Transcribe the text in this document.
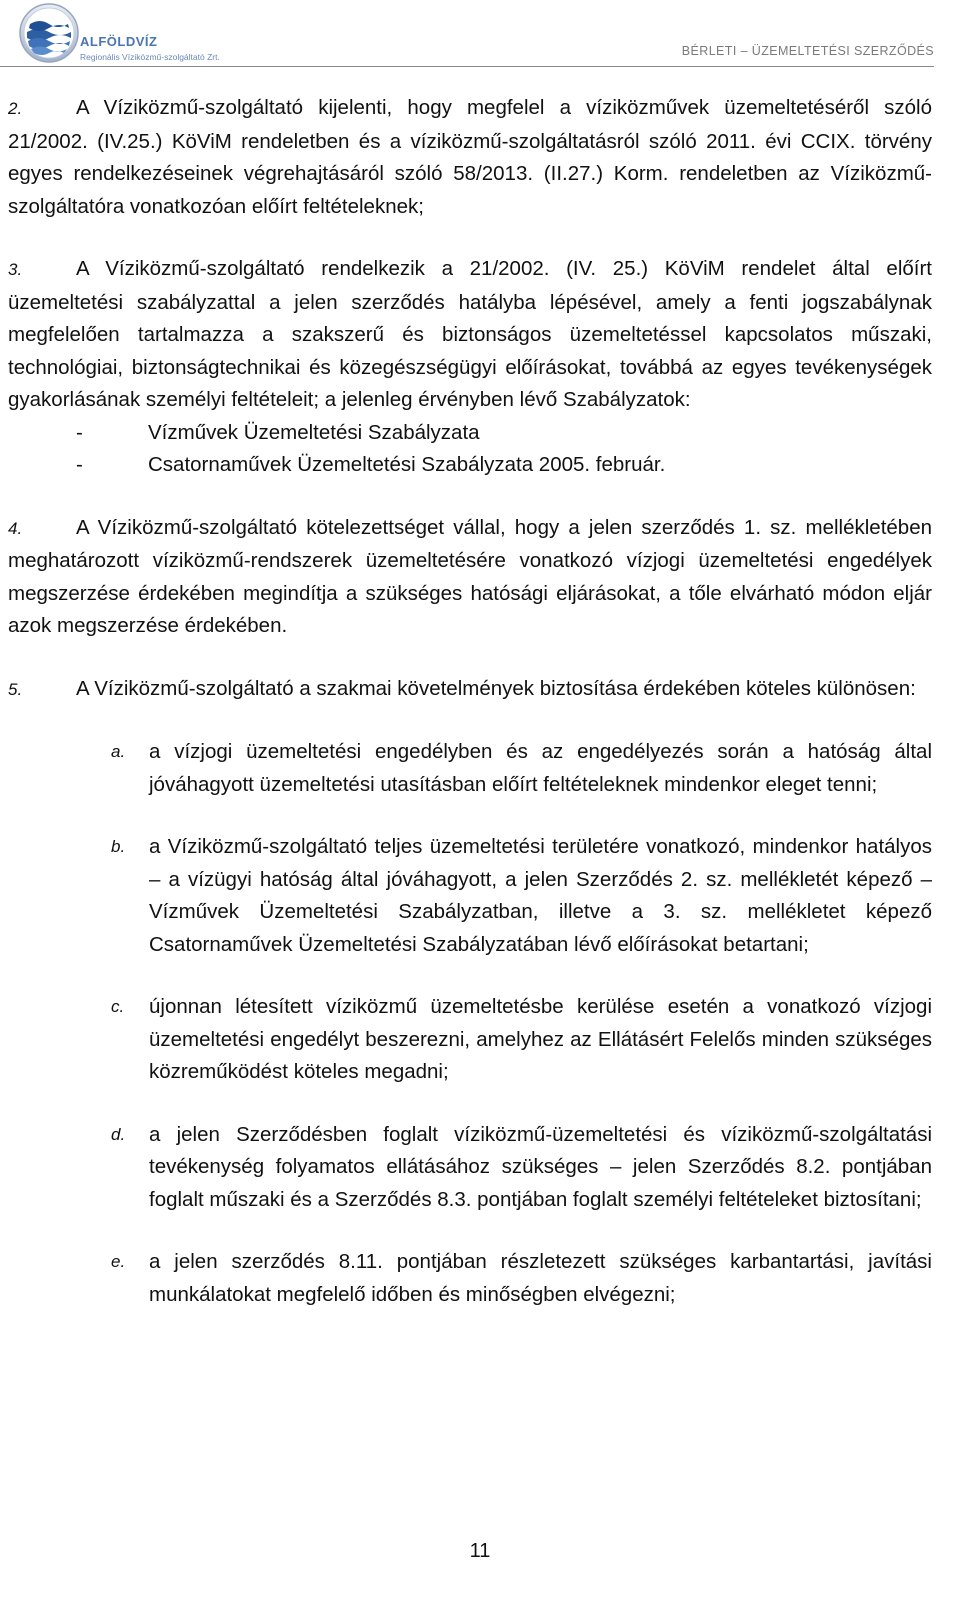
ALFÖLDVÍZ
Regionális Víziközmű-szolgáltató Zrt.	BÉRLETI – ÜZEMELTETÉSI SZERZŐDÉS

2.	A Víziközmű-szolgáltató kijelenti, hogy megfelel a víziközművek üzemeltetéséről szóló 21/2002. (IV.25.) KöViM rendeletben és a víziközmű-szolgáltatásról szóló 2011. évi CCIX. törvény egyes rendelkezéseinek végrehajtásáról szóló 58/2013. (II.27.) Korm. rendeletben az Víziközmű-szolgáltatóra vonatkozóan előírt feltételeknek;

3.	A Víziközmű-szolgáltató rendelkezik a 21/2002. (IV. 25.) KöViM rendelet által előírt üzemeltetési szabályzattal a jelen szerződés hatályba lépésével, amely a fenti jogszabálynak megfelelően tartalmazza a szakszerű és biztonságos üzemeltetéssel kapcsolatos műszaki, technológiai, biztonságtechnikai és közegészségügyi előírásokat, továbbá az egyes tevékenységek gyakorlásának személyi feltételeit; a jelenleg érvényben lévő Szabályzatok:

-	Vízművek Üzemeltetési Szabályzata
-	Csatornaművek Üzemeltetési Szabályzata 2005. február.

4.	A Víziközmű-szolgáltató kötelezettséget vállal, hogy a jelen szerződés 1. sz. mellékletében meghatározott víziközmű-rendszerek üzemeltetésére vonatkozó vízjogi üzemeltetési engedélyek megszerzése érdekében megindítja a szükséges hatósági eljárásokat, a tőle elvárható módon eljár azok megszerzése érdekében.

5.	A Víziközmű-szolgáltató a szakmai követelmények biztosítása érdekében köteles különösen:

a.	a vízjogi üzemeltetési engedélyben és az engedélyezés során a hatóság által jóváhagyott üzemeltetési utasításban előírt feltételeknek mindenkor eleget tenni;
b.	a Víziközmű-szolgáltató teljes üzemeltetési területére vonatkozó, mindenkor hatályos – a vízügyi hatóság által jóváhagyott, a jelen Szerződés 2. sz. mellékletét képező – Vízművek Üzemeltetési Szabályzatban, illetve a 3. sz. mellékletet képező Csatornaművek Üzemeltetési Szabályzatában lévő előírásokat betartani;
c.	újonnan létesített víziközmű üzemeltetésbe kerülése esetén a vonatkozó vízjogi üzemeltetési engedélyt beszerezni, amelyhez az Ellátásért Felelős minden szükséges közreműködést köteles megadni;
d.	a jelen Szerződésben foglalt víziközmű-üzemeltetési és víziközmű-szolgáltatási tevékenység folyamatos ellátásához szükséges – jelen Szerződés 8.2. pontjában foglalt műszaki és a Szerződés 8.3. pontjában foglalt személyi feltételeket biztosítani;
e.	a jelen szerződés 8.11. pontjában részletezett szükséges karbantartási, javítási munkálatokat megfelelő időben és minőségben elvégezni;
11
